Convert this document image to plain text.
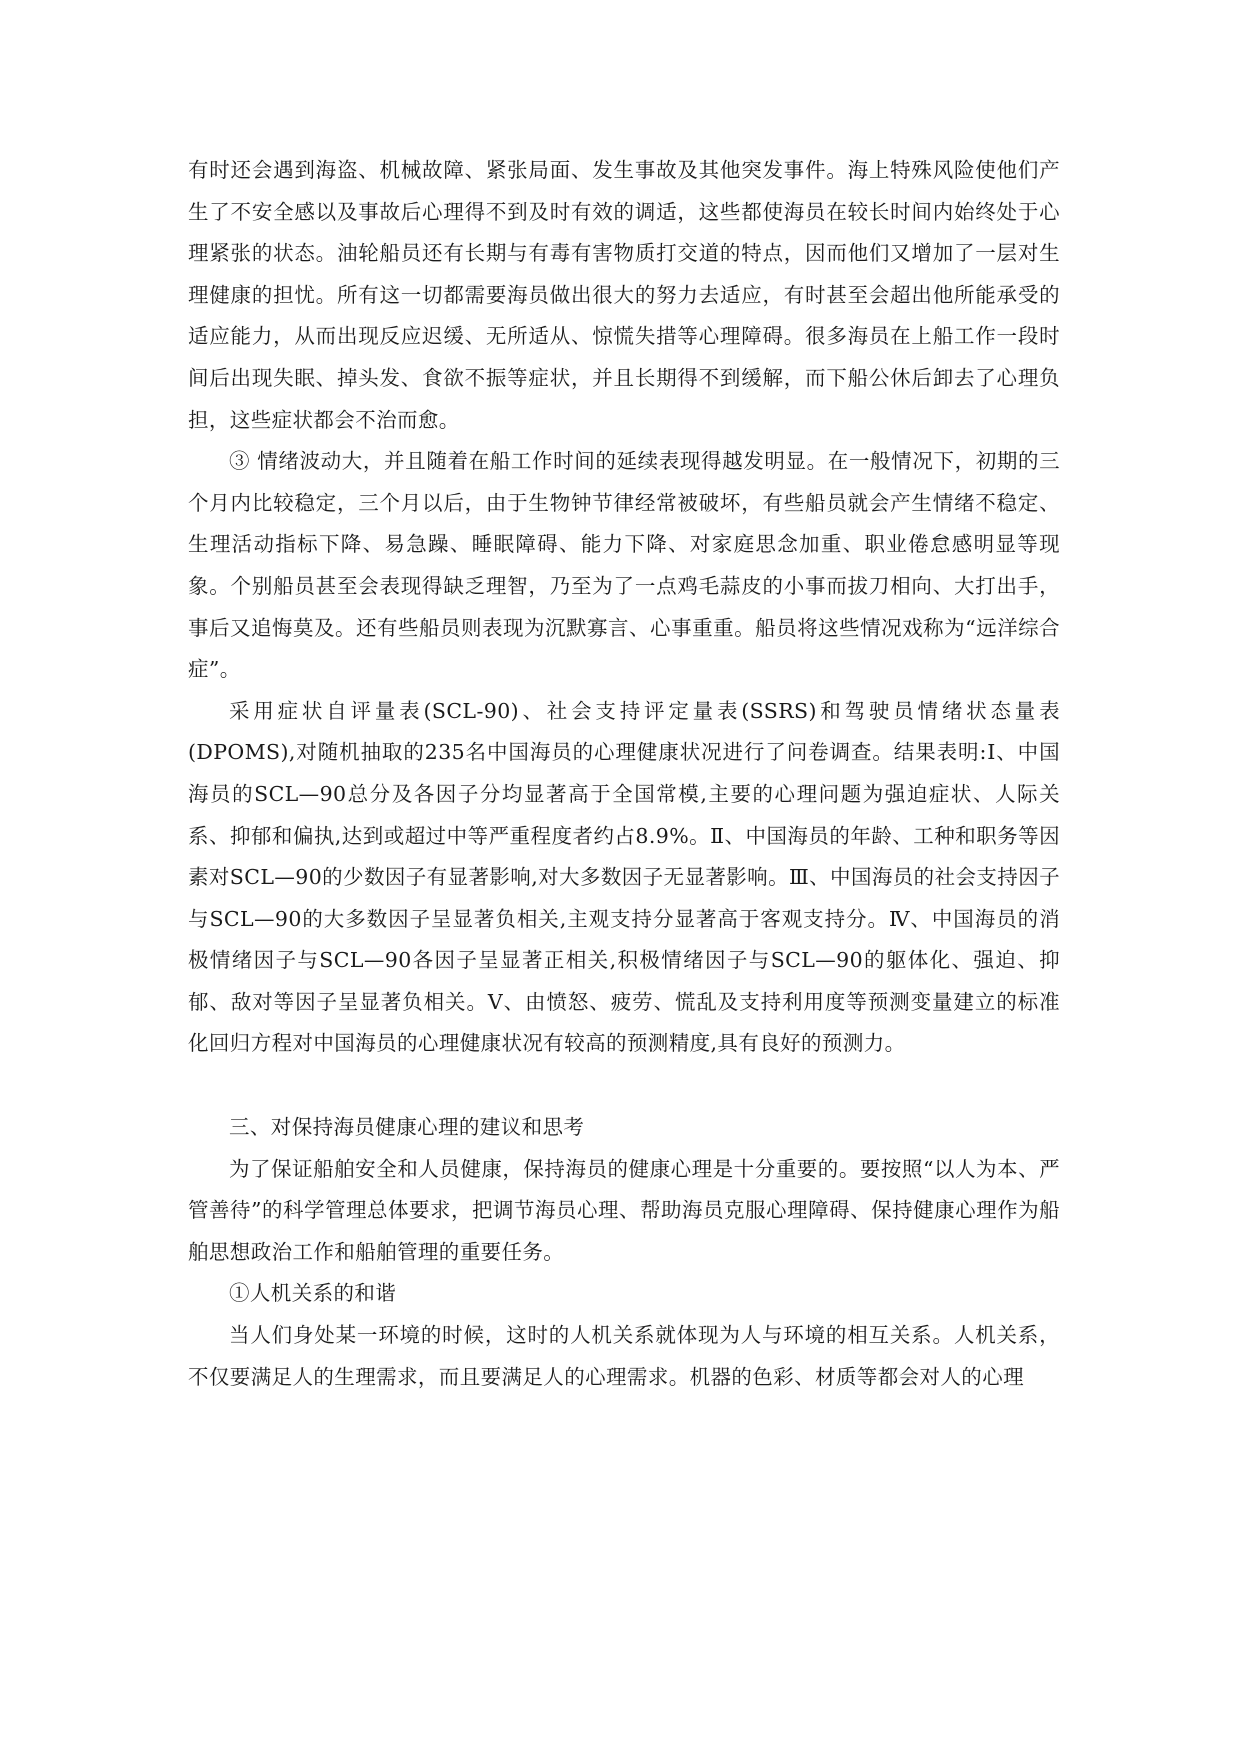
有时还会遇到海盗、机械故障、紧张局面、发生事故及其他突发事件。海上特殊风险使他们产生了不安全感以及事故后心理得不到及时有效的调适，这些都使海员在较长时间内始终处于心理紧张的状态。油轮船员还有长期与有毒有害物质打交道的特点，因而他们又增加了一层对生理健康的担忧。所有这一切都需要海员做出很大的努力去适应，有时甚至会超出他所能承受的适应能力，从而出现反应迟缓、无所适从、惊慌失措等心理障碍。很多海员在上船工作一段时间后出现失眠、掉头发、食欲不振等症状，并且长期得不到缓解，而下船公休后卸去了心理负担，这些症状都会不治而愈。

③ 情绪波动大，并且随着在船工作时间的延续表现得越发明显。在一般情况下，初期的三个月内比较稳定，三个月以后，由于生物钟节律经常被破坏，有些船员就会产生情绪不稳定、生理活动指标下降、易急躁、睡眠障碍、能力下降、对家庭思念加重、职业倦怠感明显等现象。个别船员甚至会表现得缺乏理智，乃至为了一点鸡毛蒜皮的小事而拔刀相向、大打出手，事后又追悔莫及。还有些船员则表现为沉默寡言、心事重重。船员将这些情况戏称为“远洋综合症”。

采用症状自评量表(SCL-90)、社会支持评定量表(SSRS)和驾驶员情绪状态量表(DPOMS),对随机抽取的235名中国海员的心理健康状况进行了问卷调查。结果表明:Ⅰ、中国海员的SCL—90总分及各因子分均显著高于全国常模,主要的心理问题为强迫症状、人际关系、抑郁和偏执,达到或超过中等严重程度者约占8.9%。Ⅱ、中国海员的年龄、工种和职务等因素对SCL—90的少数因子有显著影响,对大多数因子无显著影响。Ⅲ、中国海员的社会支持因子与SCL—90的大多数因子呈显著负相关,主观支持分显著高于客观支持分。Ⅳ、中国海员的消极情绪因子与SCL—90各因子呈显著正相关,积极情绪因子与SCL—90的躯体化、强迫、抑郁、敌对等因子呈显著负相关。Ⅴ、由愤怒、疲劳、慌乱及支持利用度等预测变量建立的标准化回归方程对中国海员的心理健康状况有较高的预测精度,具有良好的预测力。

三、对保持海员健康心理的建议和思考

为了保证船舶安全和人员健康，保持海员的健康心理是十分重要的。要按照“以人为本、严管善待”的科学管理总体要求，把调节海员心理、帮助海员克服心理障碍、保持健康心理作为船舶思想政治工作和船舶管理的重要任务。

①人机关系的和谐

当人们身处某一环境的时候，这时的人机关系就体现为人与环境的相互关系。人机关系，不仅要满足人的生理需求，而且要满足人的心理需求。机器的色彩、材质等都会对人的心理
